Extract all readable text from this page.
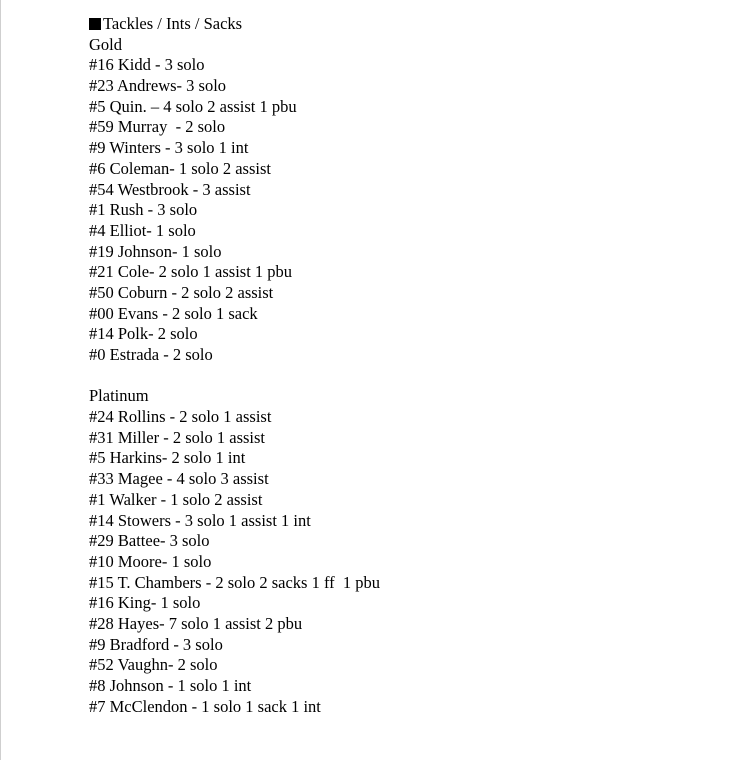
Tackles / Ints / Sacks
Gold
#16 Kidd - 3 solo
#23 Andrews- 3 solo
#5 Quin. – 4 solo 2 assist 1 pbu
#59 Murray  - 2 solo
#9 Winters - 3 solo 1 int
#6 Coleman- 1 solo 2 assist
#54 Westbrook - 3 assist
#1 Rush - 3 solo
#4 Elliot- 1 solo
#19 Johnson- 1 solo
#21 Cole- 2 solo 1 assist 1 pbu
#50 Coburn - 2 solo 2 assist
#00 Evans - 2 solo 1 sack
#14 Polk- 2 solo
#0 Estrada - 2 solo
Platinum
#24 Rollins - 2 solo 1 assist
#31 Miller - 2 solo 1 assist
#5 Harkins- 2 solo 1 int
#33 Magee - 4 solo 3 assist
#1 Walker - 1 solo 2 assist
#14 Stowers - 3 solo 1 assist 1 int
#29 Battee- 3 solo
#10 Moore- 1 solo
#15 T. Chambers - 2 solo 2 sacks 1 ff  1 pbu
#16 King- 1 solo
#28 Hayes- 7 solo 1 assist 2 pbu
#9 Bradford - 3 solo
#52 Vaughn- 2 solo
#8 Johnson - 1 solo 1 int
#7 McClendon - 1 solo 1 sack 1 int
